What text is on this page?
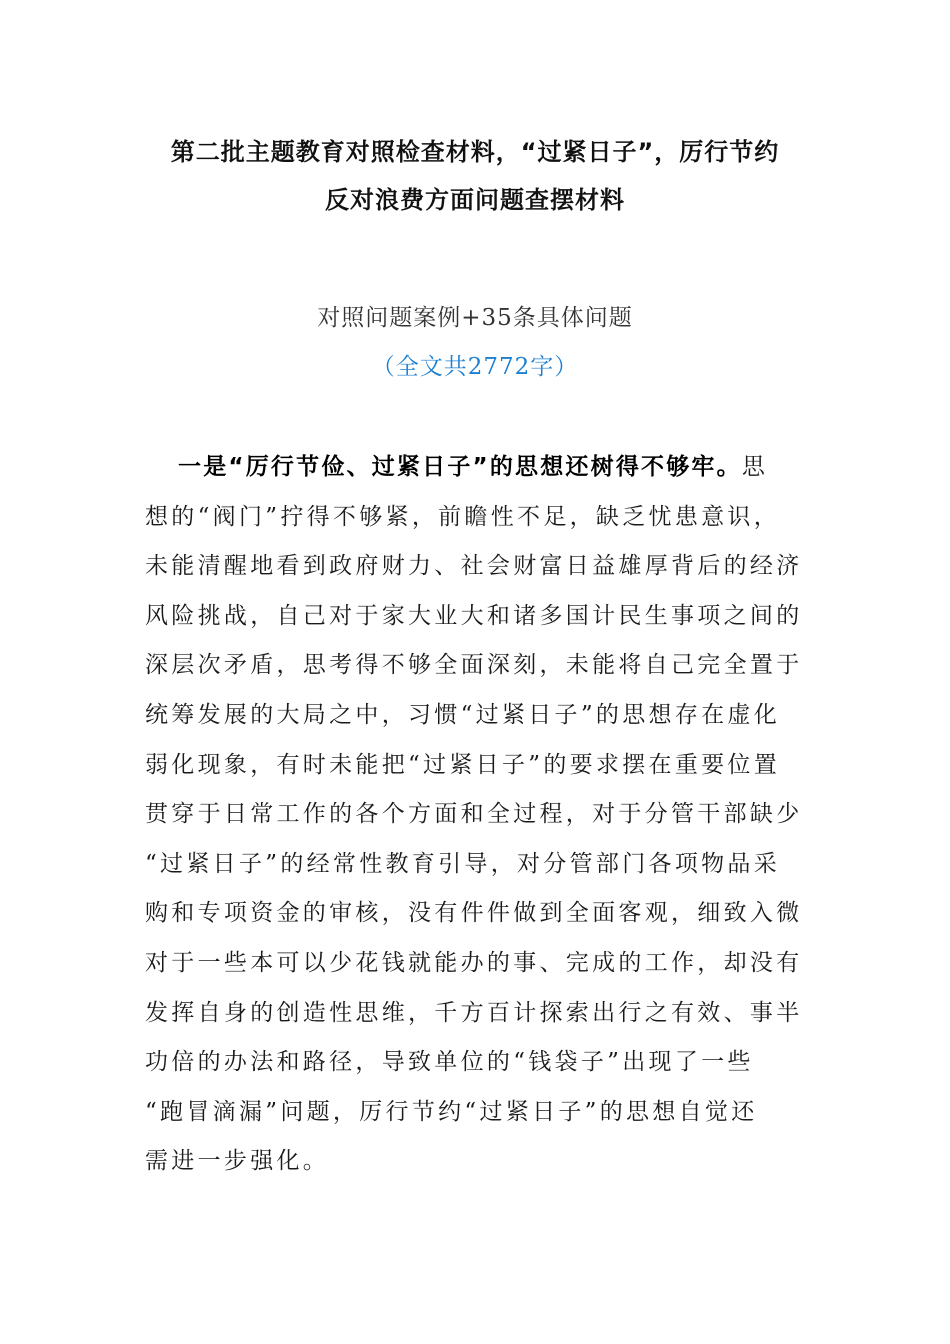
第二批主题教育对照检查材料，“过紧日子”，厉行节约
反对浪费方面问题查摆材料
对照问题案例+35条具体问题
（全文共2772字）
一是“厉行节俭、过紧日子”的思想还树得不够牢。思
想的“阀门”拧得不够紧，前瞻性不足，缺乏忧患意识，
未能清醒地看到政府财力、社会财富日益雄厚背后的经济
风险挑战，自己对于家大业大和诸多国计民生事项之间的
深层次矛盾，思考得不够全面深刻，未能将自己完全置于
统筹发展的大局之中，习惯“过紧日子”的思想存在虚化
弱化现象，有时未能把“过紧日子”的要求摆在重要位置
贯穿于日常工作的各个方面和全过程，对于分管干部缺少
“过紧日子”的经常性教育引导，对分管部门各项物品采
购和专项资金的审核，没有件件做到全面客观，细致入微
对于一些本可以少花钱就能办的事、完成的工作，却没有
发挥自身的创造性思维，千方百计探索出行之有效、事半
功倍的办法和路径，导致单位的“钱袋子”出现了一些
“跑冒滴漏”问题，厉行节约“过紧日子”的思想自觉还
需进一步强化。
